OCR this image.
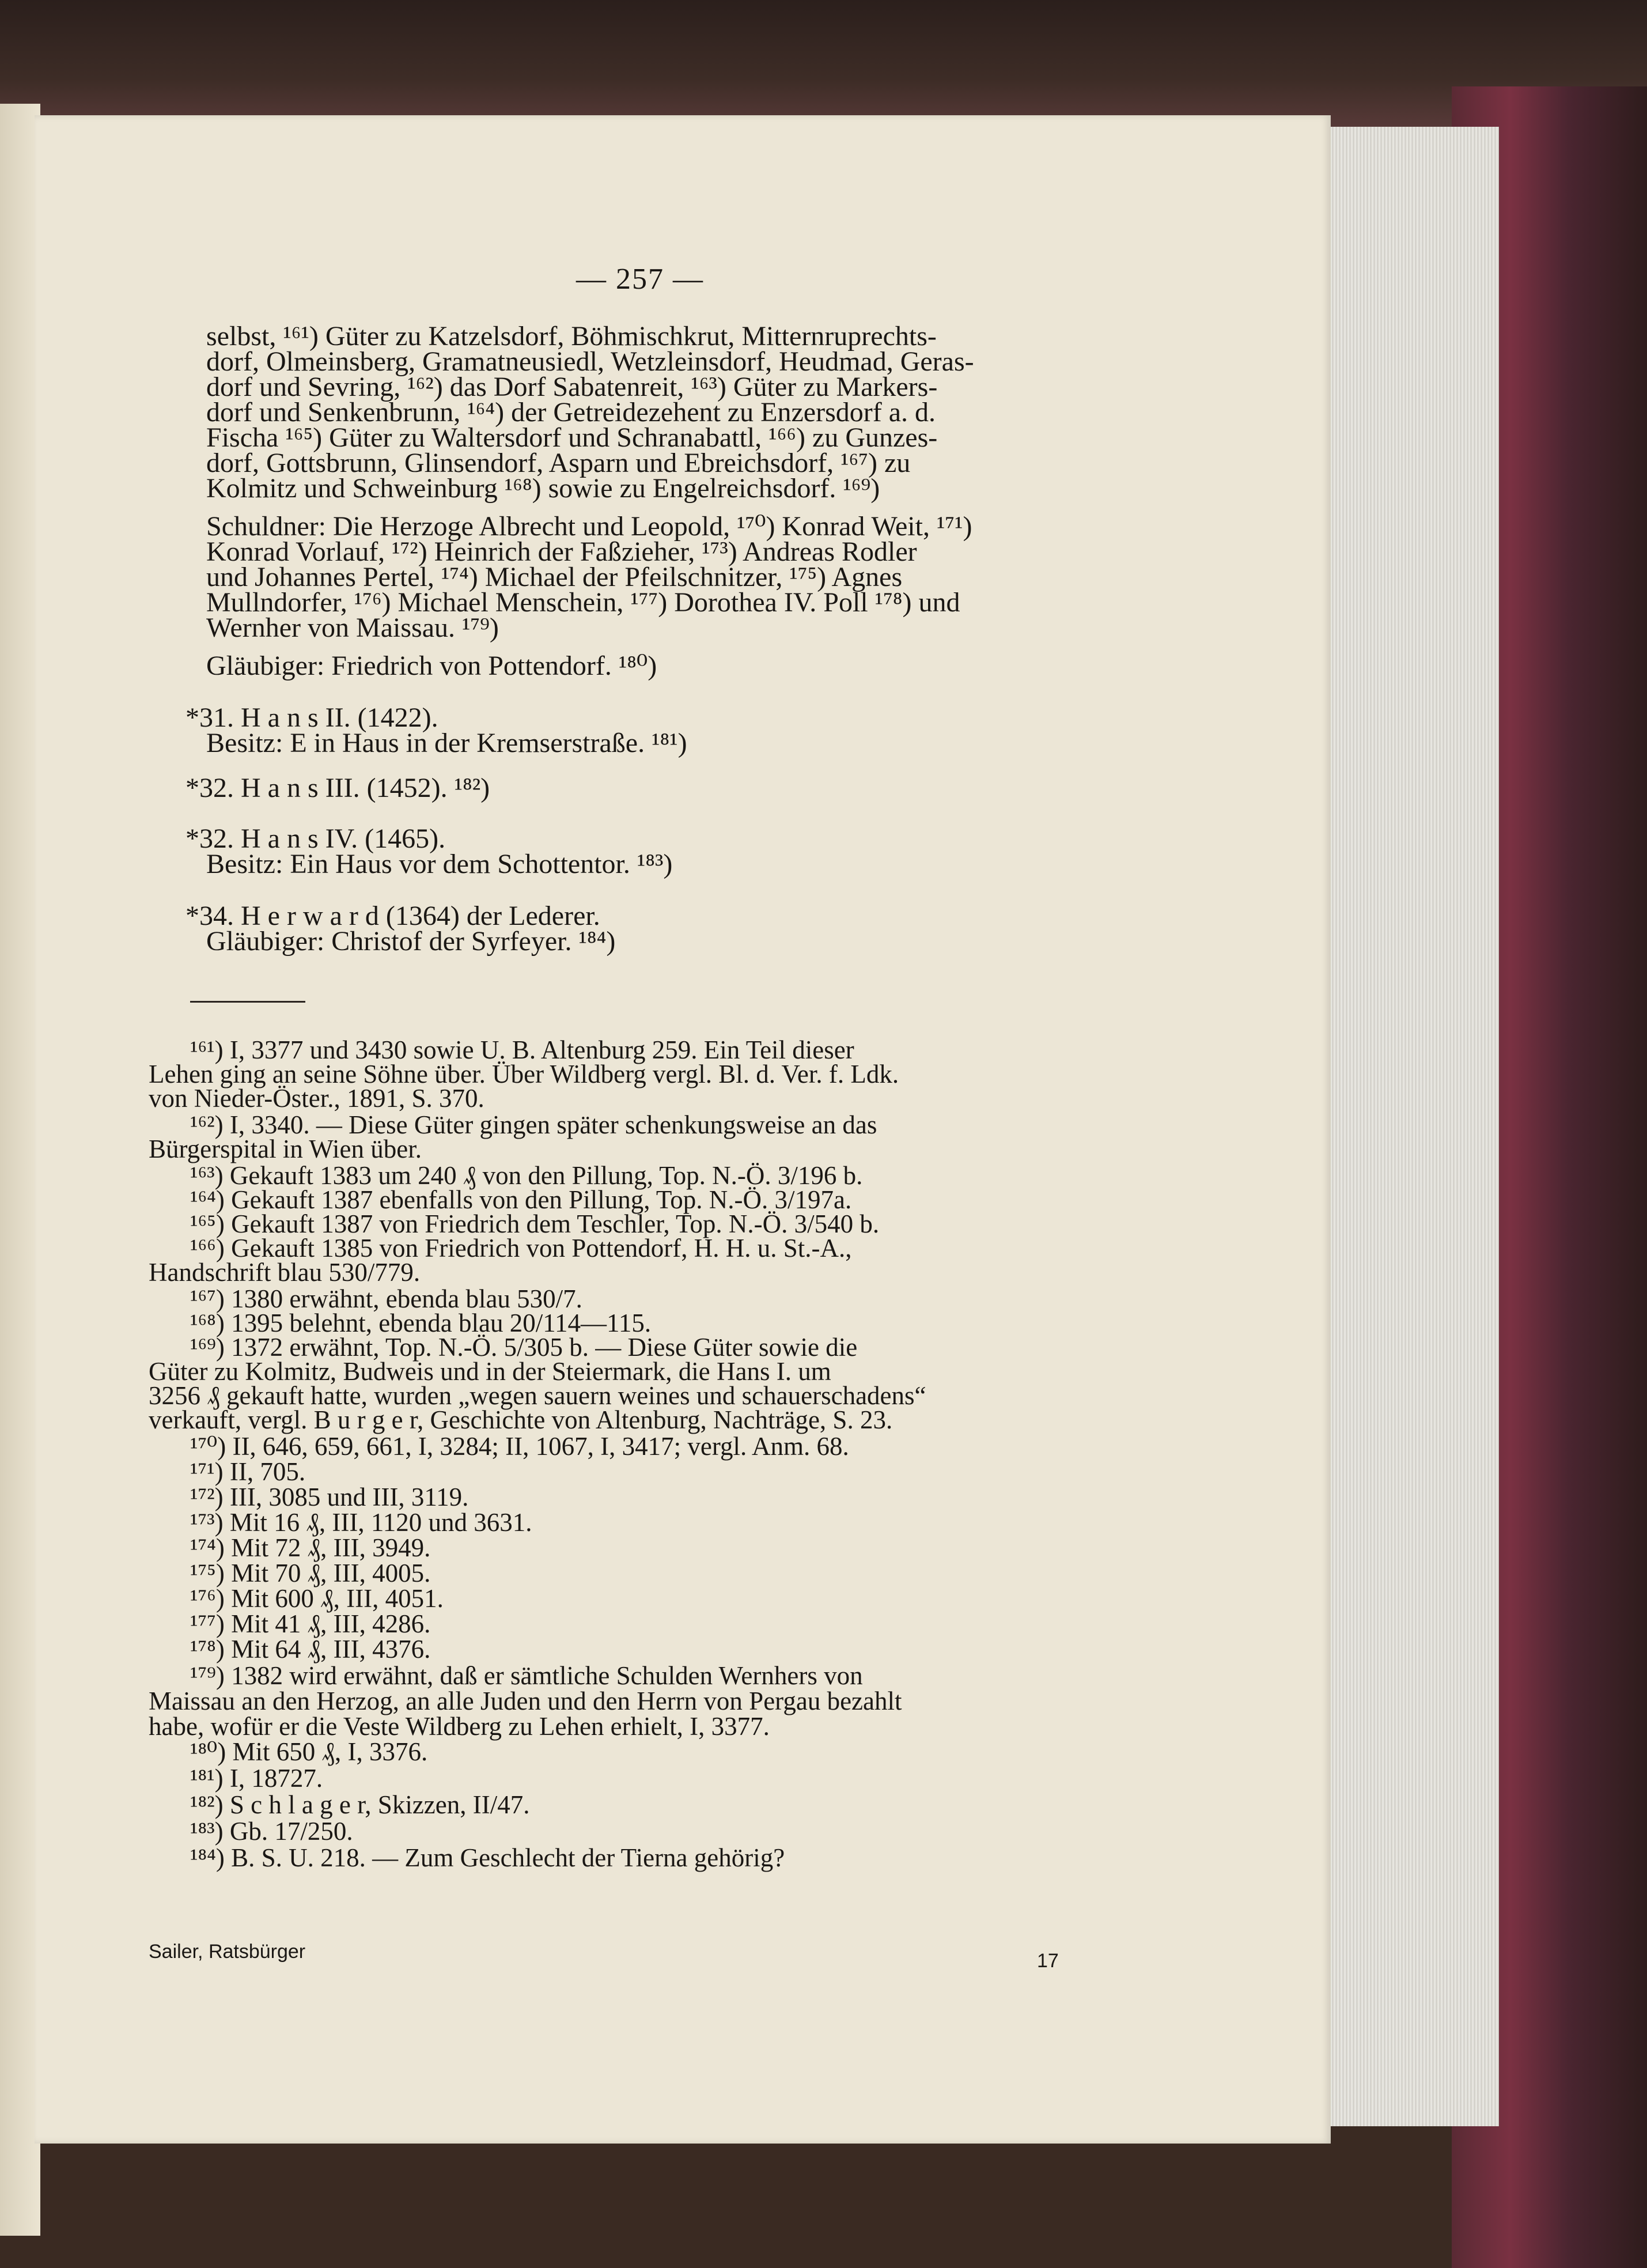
— 257 —

selbst, ¹⁶¹) Güter zu Katzelsdorf, Böhmischkrut, Mitternruprechts-

dorf, Olmeinsberg, Gramatneusiedl, Wetzleinsdorf, Heudmad, Geras-

dorf und Sevring, ¹⁶²) das Dorf Sabatenreit, ¹⁶³) Güter zu Markers-

dorf und Senkenbrunn, ¹⁶⁴) der Getreidezehent zu Enzersdorf a. d.

Fischa ¹⁶⁵) Güter zu Waltersdorf und Schranabattl, ¹⁶⁶) zu Gunzes-

dorf, Gottsbrunn, Glinsendorf, Asparn und Ebreichsdorf, ¹⁶⁷) zu

Kolmitz und Schweinburg ¹⁶⁸) sowie zu Engelreichsdorf. ¹⁶⁹)

Schuldner: Die Herzoge Albrecht und Leopold, ¹⁷⁰) Konrad Weit, ¹⁷¹)

Konrad Vorlauf, ¹⁷²) Heinrich der Faßzieher, ¹⁷³) Andreas Rodler

und Johannes Pertel, ¹⁷⁴) Michael der Pfeilschnitzer, ¹⁷⁵) Agnes

Mullndorfer, ¹⁷⁶) Michael Menschein, ¹⁷⁷) Dorothea IV. Poll ¹⁷⁸) und

Wernher von Maissau. ¹⁷⁹)

Gläubiger: Friedrich von Pottendorf. ¹⁸⁰)

*31. H a n s II. (1422).

Besitz: E in Haus in der Kremserstraße. ¹⁸¹)

*32. H a n s III. (1452). ¹⁸²)

*32. H a n s IV. (1465).

Besitz: Ein Haus vor dem Schottentor. ¹⁸³)

*34. H e r w a r d (1364) der Lederer.

Gläubiger: Christof der Syrfeyer. ¹⁸⁴)

¹⁶¹) I, 3377 und 3430 sowie U. B. Altenburg 259. Ein Teil dieser

Lehen ging an seine Söhne über. Über Wildberg vergl. Bl. d. Ver. f. Ldk.

von Nieder-Öster., 1891, S. 370.

¹⁶²) I, 3340. — Diese Güter gingen später schenkungsweise an das

Bürgerspital in Wien über.

¹⁶³) Gekauft 1383 um 240 ₰ von den Pillung, Top. N.-Ö. 3/196 b.

¹⁶⁴) Gekauft 1387 ebenfalls von den Pillung, Top. N.-Ö. 3/197a.

¹⁶⁵) Gekauft 1387 von Friedrich dem Teschler, Top. N.-Ö. 3/540 b.

¹⁶⁶) Gekauft 1385 von Friedrich von Pottendorf, H. H. u. St.-A.,

Handschrift blau 530/779.

¹⁶⁷) 1380 erwähnt, ebenda blau 530/7.

¹⁶⁸) 1395 belehnt, ebenda blau 20/114—115.

¹⁶⁹) 1372 erwähnt, Top. N.-Ö. 5/305 b. — Diese Güter sowie die

Güter zu Kolmitz, Budweis und in der Steiermark, die Hans I. um

3256 ₰ gekauft hatte, wurden „wegen sauern weines und schauerschadens“

verkauft, vergl. B u r g e r, Geschichte von Altenburg, Nachträge, S. 23.

¹⁷⁰) II, 646, 659, 661, I, 3284; II, 1067, I, 3417; vergl. Anm. 68.

¹⁷¹) II, 705.

¹⁷²) III, 3085 und III, 3119.

¹⁷³) Mit 16 ₰, III, 1120 und 3631.

¹⁷⁴) Mit 72 ₰, III, 3949.

¹⁷⁵) Mit 70 ₰, III, 4005.

¹⁷⁶) Mit 600 ₰, III, 4051.

¹⁷⁷) Mit 41 ₰, III, 4286.

¹⁷⁸) Mit 64 ₰, III, 4376.

¹⁷⁹) 1382 wird erwähnt, daß er sämtliche Schulden Wernhers von

Maissau an den Herzog, an alle Juden und den Herrn von Pergau bezahlt

habe, wofür er die Veste Wildberg zu Lehen erhielt, I, 3377.

¹⁸⁰) Mit 650 ₰, I, 3376.

¹⁸¹) I, 18727.

¹⁸²) S c h l a g e r, Skizzen, II/47.

¹⁸³) Gb. 17/250.

¹⁸⁴) B. S. U. 218. — Zum Geschlecht der Tierna gehörig?

Sailer, Ratsbürger	17
